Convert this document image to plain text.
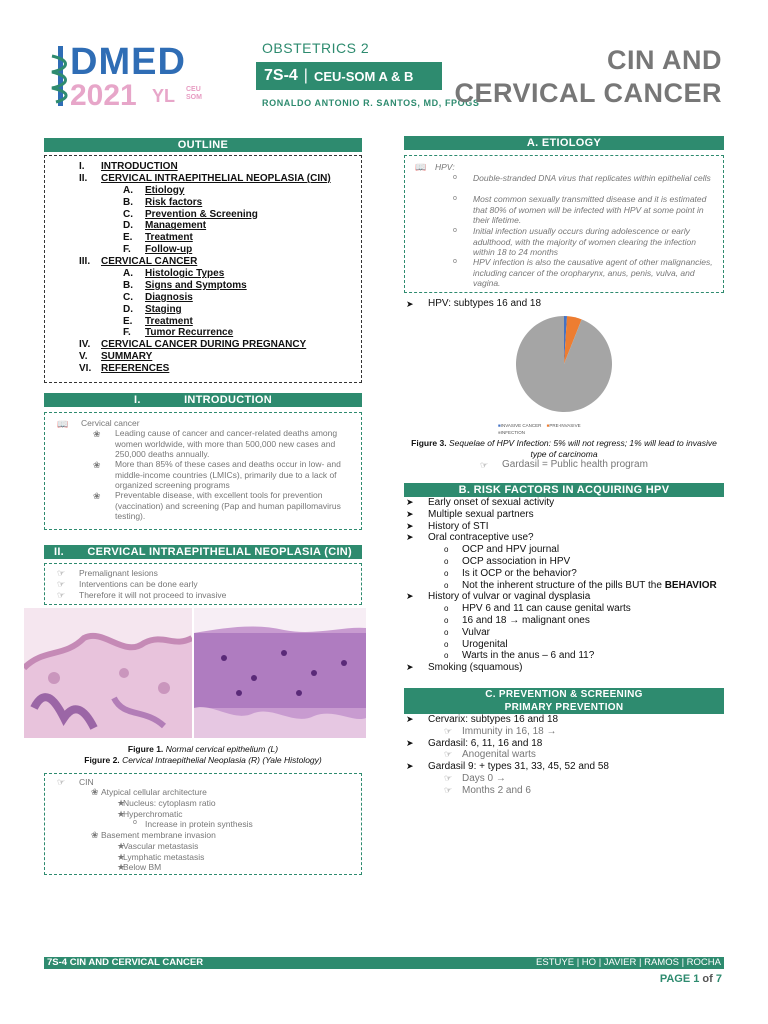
DMED
2021 YL CEU SOM
OBSTETRICS 2
7S-4 | CEU-SOM A & B
RONALDO ANTONIO R. SANTOS, MD, FPOGS
CIN AND
CERVICAL CANCER
OUTLINE
I. INTRODUCTION
II. CERVICAL INTRAEPITHELIAL NEOPLASIA (CIN)
A. Etiology
B. Risk factors
C. Prevention & Screening
D. Management
E. Treatment
F. Follow-up
III. CERVICAL CANCER
A. Histologic Types
B. Signs and Symptoms
C. Diagnosis
D. Staging
E. Treatment
F. Tumor Recurrence
IV. CERVICAL CANCER DURING PREGNANCY
V. SUMMARY
VI. REFERENCES
I.	INTRODUCTION
📖 Cervical cancer
❀ Leading cause of cancer and cancer-related deaths among women worldwide, with more than 500,000 new cases and 250,000 deaths annually.
❀ More than 85% of these cases and deaths occur in low- and middle-income countries (LMICs), primarily due to a lack of organized screening programs
❀ Preventable disease, with excellent tools for prevention (vaccination) and screening (Pap and human papillomavirus testing).
II. CERVICAL INTRAEPITHELIAL NEOPLASIA (CIN)
☞ Premalignant lesions
☞ Interventions can be done early
☞ Therefore it will not proceed to invasive
Figure 1. Normal cervical epithelium (L)
Figure 2. Cervical Intraepithelial Neoplasia (R) (Yale Histology)
☞ CIN
❀ Atypical cellular architecture
★
Nucleus: cytoplasm ratio
★
Hyperchromatic
o Increase in protein synthesis
❀ Basement membrane invasion
★
Vascular metastasis
★
Lymphatic metastasis
★
Below BM
A. ETIOLOGY
📖 HPV:
o Double-stranded DNA virus that replicates within epithelial cells
o Most common sexually transmitted disease and it is estimated that 80% of women will be infected with HPV at some point in their lifetime.
o Initial infection usually occurs during adolescence or early adulthood, with the majority of women clearing the infection within 18 to 24 months
o HPV infection is also the causative agent of other malignancies, including cancer of the oropharynx, anus, penis, vulva, and vagina.
➤ HPV: subtypes 16 and 18
■INVASIVE CANCER ■PRE-INVASIVE
■INFECTION
Figure 3. Sequelae of HPV Infection: 5% will not regress; 1% will lead to invasive type of carcinoma
☞ Gardasil = Public health program
B. RISK FACTORS IN ACQUIRING HPV
➤ Early onset of sexual activity
➤ Multiple sexual partners
➤ History of STI
➤ Oral contraceptive use?
o OCP and HPV journal
o OCP association in HPV
o Is it OCP or the behavior?
o Not the inherent structure of the pills BUT the BEHAVIOR
➤ History of vulvar or vaginal dysplasia
o HPV 6 and 11 can cause genital warts
o 16 and 18 → malignant ones
o Vulvar
o Urogenital
o Warts in the anus – 6 and 11?
➤ Smoking (squamous)
C. PREVENTION & SCREENING
PRIMARY PREVENTION
➤ Cervarix: subtypes 16 and 18
☞ Immunity in 16, 18 →
➤ Gardasil: 6, 11, 16 and 18
☞ Anogenital warts
➤ Gardasil 9: + types 31, 33, 45, 52 and 58
☞ Days 0 →
☞ Months 2 and 6
7S-4 CIN AND CERVICAL CANCER	ESTUYE | HO | JAVIER | RAMOS | ROCHA
PAGE 1 of 7
